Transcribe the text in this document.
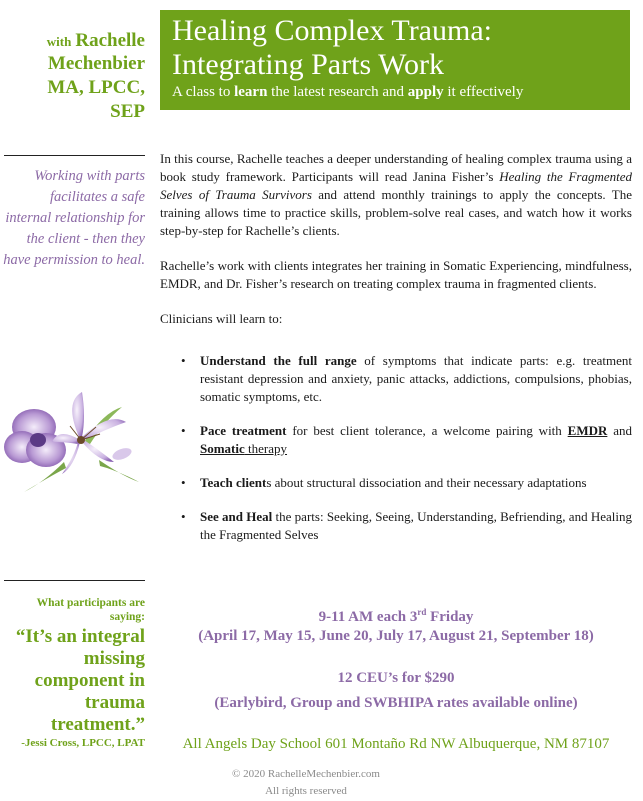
with Rachelle
Mechenbier
MA, LPCC, SEP
Healing Complex Trauma:
Integrating Parts Work
A class to learn the latest research and apply it effectively
Working with parts facilitates a safe internal relationship for the client - then they have permission to heal.
What participants are saying:
“It’s an integral missing component in trauma treatment.”
-Jessi Cross, LPCC, LPAT

In this course, Rachelle teaches a deeper understanding of healing complex trauma using a book study framework. Participants will read Janina Fisher’s Healing the Fragmented Selves of Trauma Survivors and attend monthly trainings to apply the concepts. The training allows time to practice skills, problem-solve real cases, and watch how it works step-by-step for Rachelle’s clients.

Rachelle’s work with clients integrates her training in Somatic Experiencing, mindfulness, EMDR, and Dr. Fisher’s research on treating complex trauma in fragmented clients.

Clinicians will learn to:

• Understand the full range of symptoms that indicate parts: e.g. treatment resistant depression and anxiety, panic attacks, addictions, compulsions, phobias, somatic symptoms, etc.
• Pace treatment for best client tolerance, a welcome pairing with EMDR and Somatic therapy
• Teach clients about structural dissociation and their necessary adaptations
• See and Heal the parts: Seeking, Seeing, Understanding, Befriending, and Healing the Fragmented Selves
9-11 AM each 3rd Friday
(April 17, May 15, June 20, July 17, August 21, September 18)
12 CEU’s for $290
(Earlybird, Group and SWBHIPA rates available online)
All Angels Day School 601 Montaño Rd NW Albuquerque, NM 87107
© 2020 RachelleMechenbier.com
All rights reserved
